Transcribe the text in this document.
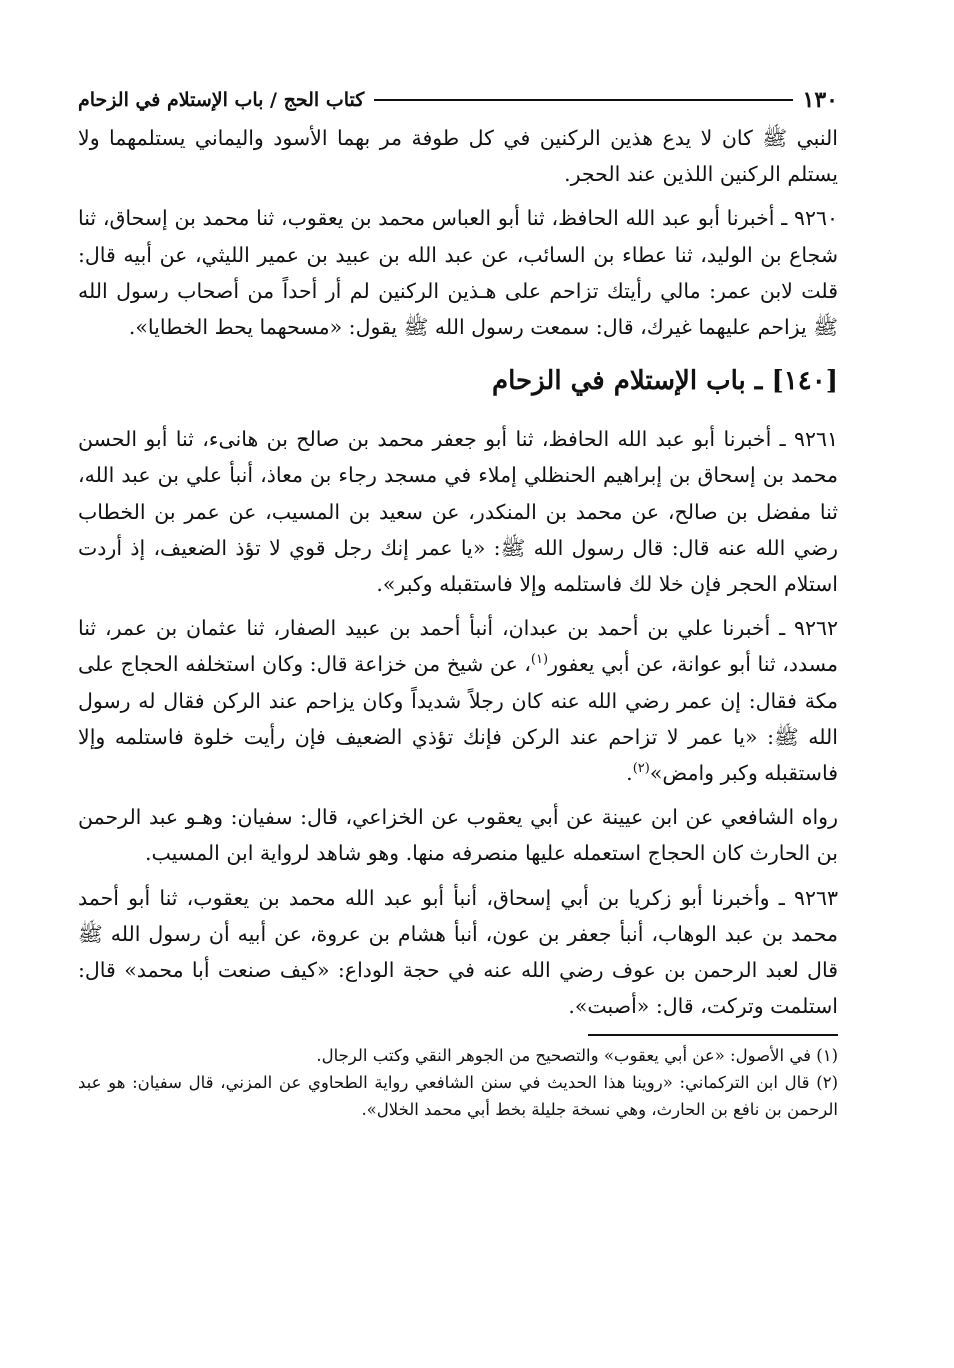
١٣٠
كتاب الحج / باب الإستلام في الزحام

النبي ﷺ كان لا يدع هذين الركنين في كل طوفة مر بهما الأسود واليماني يستلمهما ولا يستلم الركنين اللذين عند الحجر.

٩٢٦٠ ـ أخبرنا أبو عبد الله الحافظ، ثنا أبو العباس محمد بن يعقوب، ثنا محمد بن إسحاق، ثنا شجاع بن الوليد، ثنا عطاء بن السائب، عن عبد الله بن عبيد بن عمير الليثي، عن أبيه قال: قلت لابن عمر: مالي رأيتك تزاحم على هـذين الركنين لم أر أحداً من أصحاب رسول الله ﷺ يزاحم عليهما غيرك، قال: سمعت رسول الله ﷺ يقول: «مسحهما يحط الخطايا».

[١٤٠] ـ باب الإستلام في الزحام

٩٢٦١ ـ أخبرنا أبو عبد الله الحافظ، ثنا أبو جعفر محمد بن صالح بن هانىء، ثنا أبو الحسن محمد بن إسحاق بن إبراهيم الحنظلي إملاء في مسجد رجاء بن معاذ، أنبأ علي بن عبد الله، ثنا مفضل بن صالح، عن محمد بن المنكدر، عن سعيد بن المسيب، عن عمر بن الخطاب رضي الله عنه قال: قال رسول الله ﷺ: «يا عمر إنك رجل قوي لا تؤذ الضعيف، إذ أردت استلام الحجر فإن خلا لك فاستلمه وإلا فاستقبله وكبر».

٩٢٦٢ ـ أخبرنا علي بن أحمد بن عبدان، أنبأ أحمد بن عبيد الصفار، ثنا عثمان بن عمر، ثنا مسدد، ثنا أبو عوانة، عن أبي يعفور$^{(١)}$، عن شيخ من خزاعة قال: وكان استخلفه الحجاج على مكة فقال: إن عمر رضي الله عنه كان رجلاً شديداً وكان يزاحم عند الركن فقال له رسول الله ﷺ: «يا عمر لا تزاحم عند الركن فإنك تؤذي الضعيف فإن رأيت خلوة فاستلمه وإلا فاستقبله وكبر وامض»$^{(٢)}$.

رواه الشافعي عن ابن عيينة عن أبي يعقوب عن الخزاعي، قال: سفيان: وهـو عبد الرحمن بن الحارث كان الحجاج استعمله عليها منصرفه منها. وهو شاهد لرواية ابن المسيب.

٩٢٦٣ ـ وأخبرنا أبو زكريا بن أبي إسحاق، أنبأ أبو عبد الله محمد بن يعقوب، ثنا أبو أحمد محمد بن عبد الوهاب، أنبأ جعفر بن عون، أنبأ هشام بن عروة، عن أبيه أن رسول الله ﷺ قال لعبد الرحمن بن عوف رضي الله عنه في حجة الوداع: «كيف صنعت أبا محمد» قال: استلمت وتركت، قال: «أصبت».

(١) في الأصول: «عن أبي يعقوب» والتصحيح من الجوهر النقي وكتب الرجال.

(٢) قال ابن التركماني: «روينا هذا الحديث في سنن الشافعي رواية الطحاوي عن المزني، قال سفيان: هو عبد الرحمن بن نافع بن الحارث، وهي نسخة جليلة بخط أبي محمد الخلال».
